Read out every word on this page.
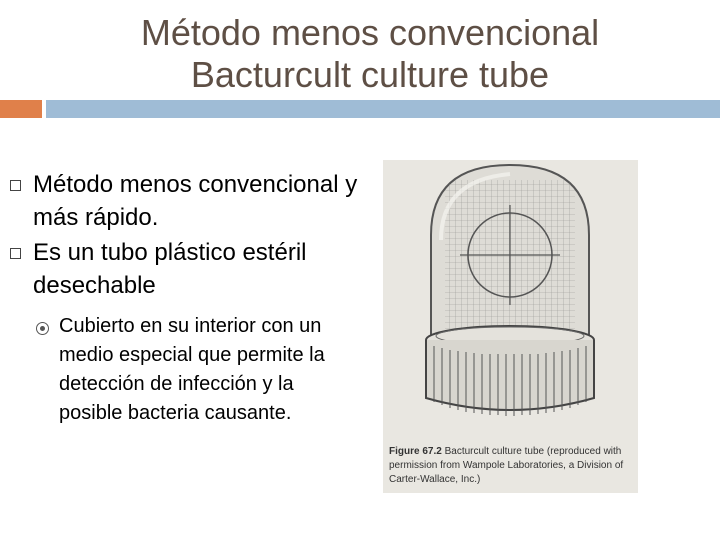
Método menos convencional
Bacturcult culture tube
Método menos convencional y más rápido.
Es un tubo plástico estéril desechable
Cubierto en su interior con un medio especial que permite la detección de infección y la posible bacteria causante.
Figure 67.2 Bacturcult culture tube (reproduced with permission from Wampole Laboratories, a Division of Carter-Wallace, Inc.)
